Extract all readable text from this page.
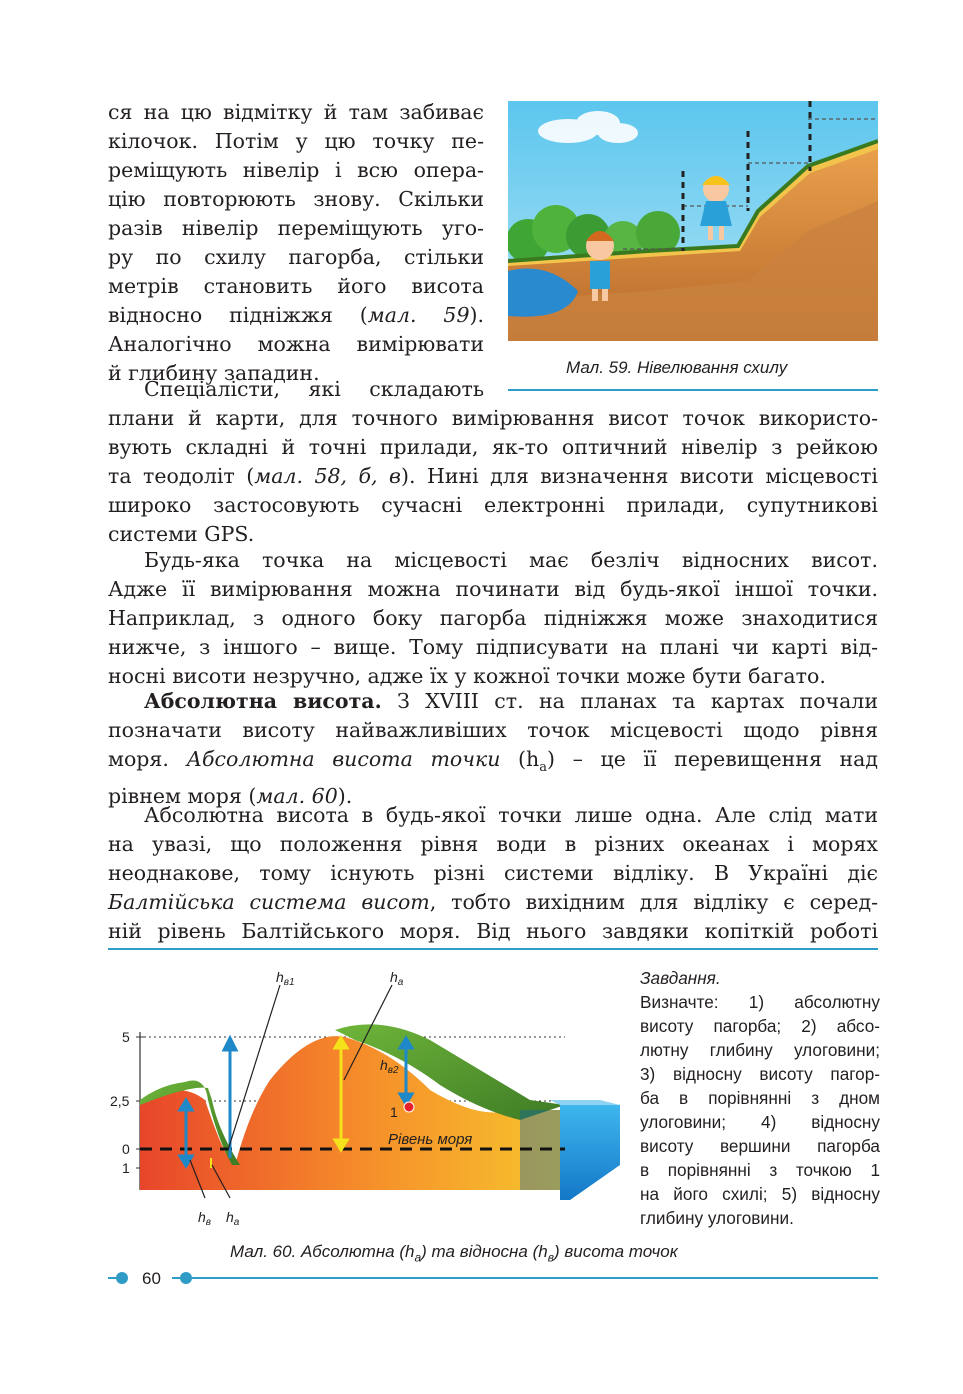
ся на цю відмітку й там забиває
кілочок. Потім у цю точку пе-
реміщують нівелір і всю опера-
цію повторюють знову. Скільки
разів нівелір переміщують уго-
ру по схилу пагорба, стільки
метрів становить його висота
відносно підніжжя (мал. 59).
Аналогічно можна вимірювати
й глибину западин.	Мал. 59. Нівелювання схилу
Спеціалісти, які складають
плани й карти, для точного вимірювання висот точок використо-
вують складні й точні прилади, як-то оптичний нівелір з рейкою
та теодоліт (мал. 58, б, в). Нині для визначення висоти місцевості
широко застосовують сучасні електронні прилади, супутникові
системи GPS.
Будь-яка точка на місцевості має безліч відносних висот.
Адже її вимірювання можна починати від будь-якої іншої точки.
Наприклад, з одного боку пагорба підніжжя може знаходитися
нижче, з іншого – вище. Тому підписувати на плані чи карті від-
носні висоти незручно, адже їх у кожної точки може бути багато.
Абсолютна висота. З XVIII ст. на планах та картах почали
позначати висоту найважливіших точок місцевості щодо рівня
моря. Абсолютна висота точки $(h_a)$ – це її перевищення над
рівнем моря (мал. 60).
Абсолютна висота в будь-якої точки лише одна. Але слід мати
на увазі, що положення рівня води в різних океанах і морях
неоднакове, тому існують різні системи відліку. В Україні діє
Балтійська система висот, тобто вихідним для відліку є серед-
ній рівень Балтійського моря. Від нього завдяки копіткій роботі
5
2,5
0
1
$h_{в1}$	$h_a$
$h_{в2}$
$h_в$ $h_a$
Рівень моря
1
Завдання.
Визначте: 1) абсолютну
висоту пагорба; 2) абсо-
лютну глибину улоговини;
3) відносну висоту пагор-
ба в порівнянні з дном
улоговини; 4) відносну
висоту вершини пагорба
в порівнянні з точкою 1
на його схилі; 5) відносну
глибину улоговини.
Мал. 60. Абсолютна $(h_a)$ та відносна $(h_в)$ висота точок
60
